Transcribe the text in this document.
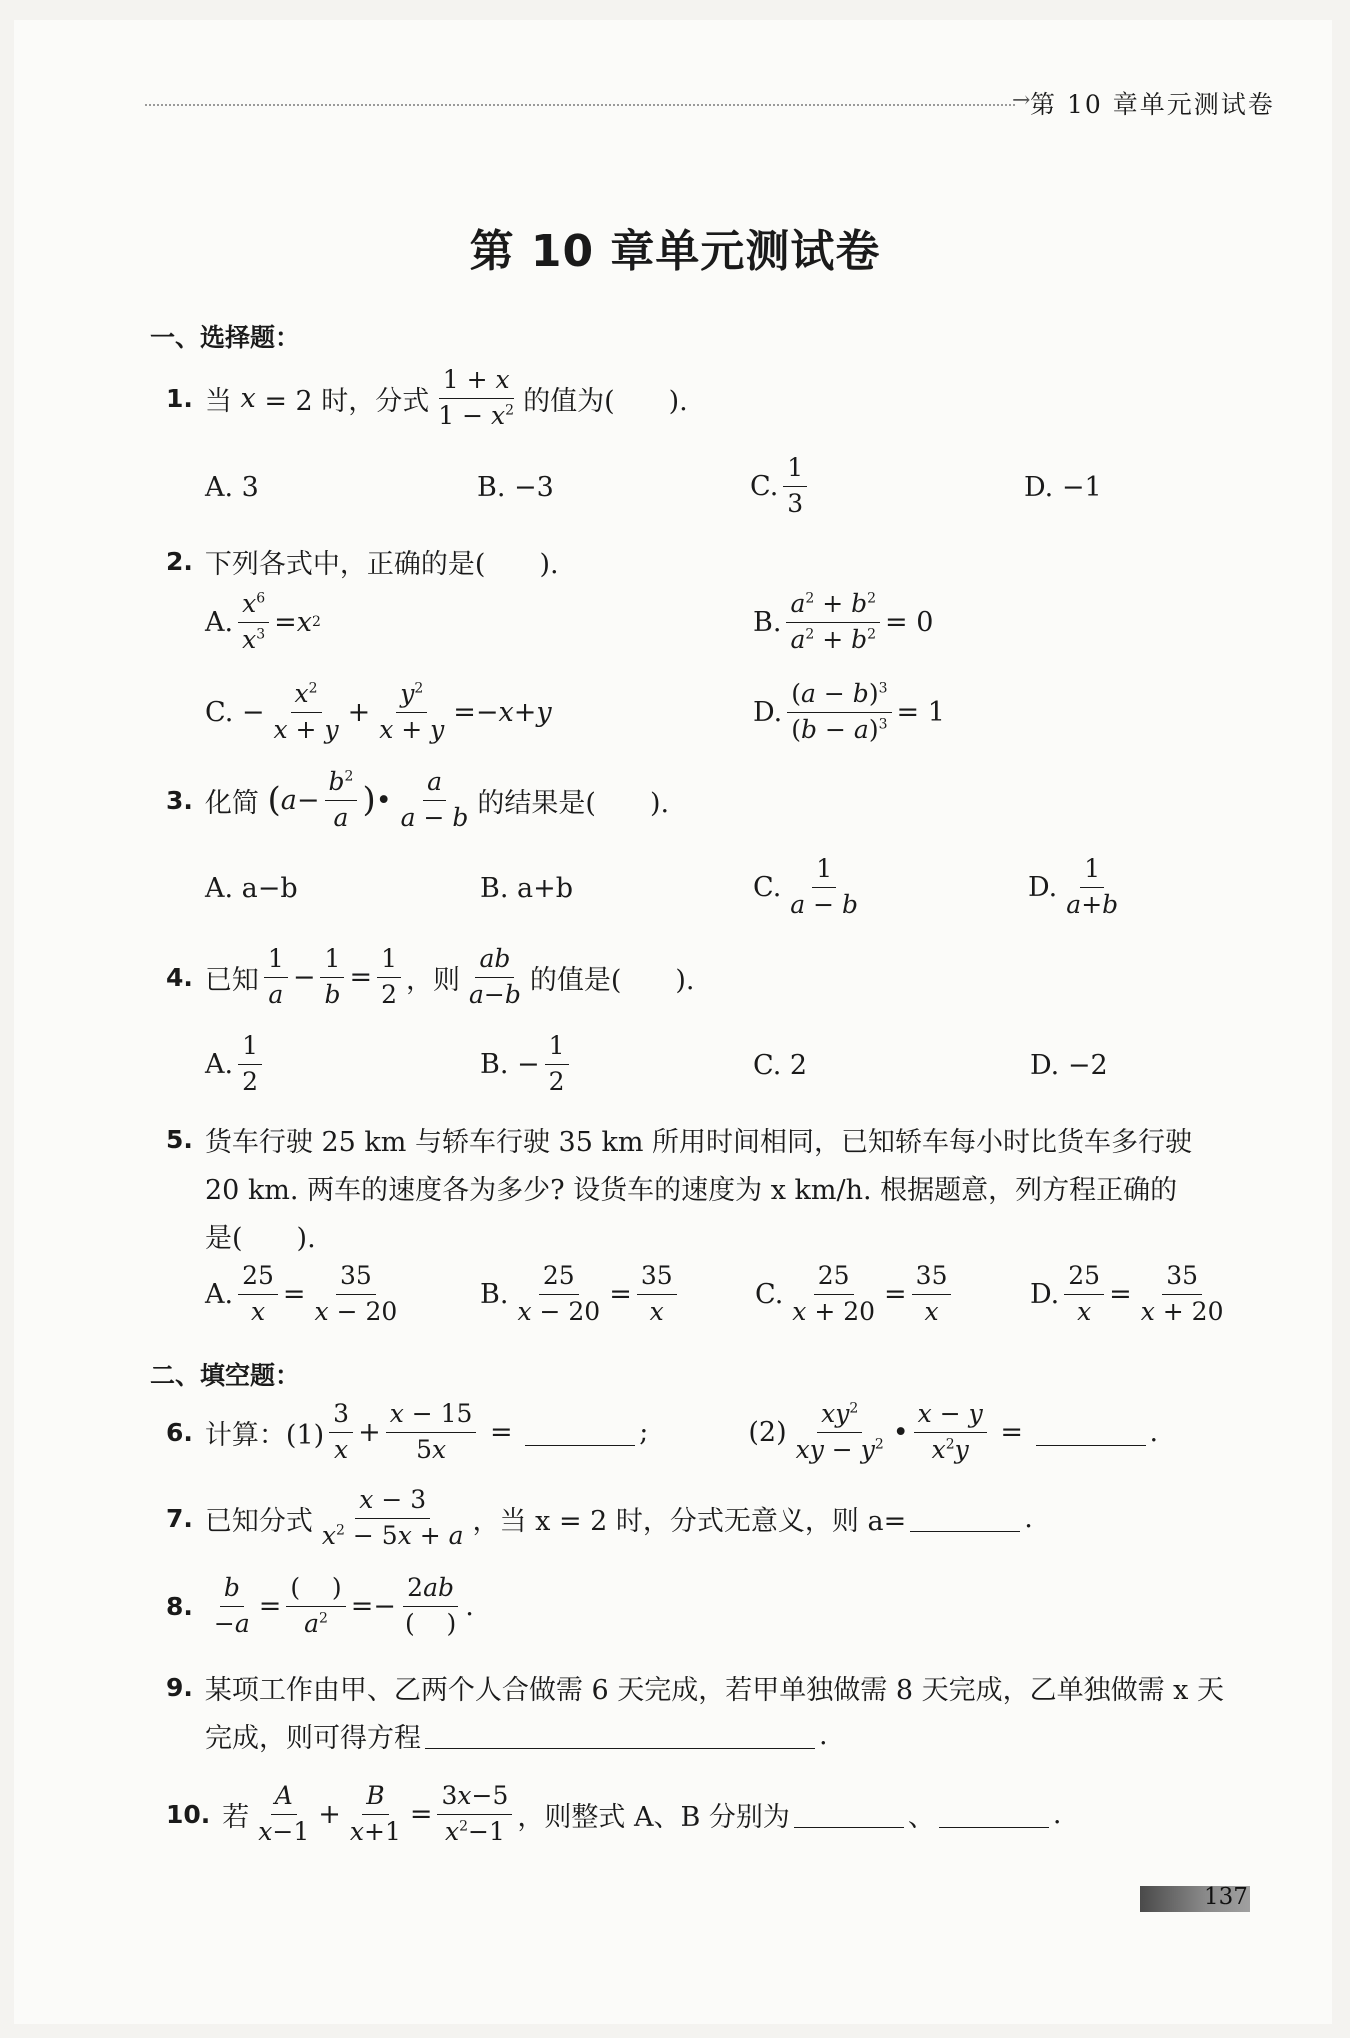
→ 第 10 章单元测试卷
第 10 章单元测试卷
一、选择题：
1. 当
x
= 2 时，分式 $\frac{1 + x}{1 - x^2}$ 的值为(　　).
A. 3	B. −3	C. $\frac{1}{3}$	D. −1
2. 下列各式中，正确的是(　　).
A. $\frac{x^6}{x^3} = x$ 2	B. $\frac{a^2 + b^2}{a^2 + b^2} = 0$
C. − $\frac{x^2}{x + y} + \frac{y^2}{x + y} =- x + y$	D. $\frac{(a - b)^3}{(b - a)^3} = 1$
3. 化简
( $a - \frac{b^2}{a}$ ) • $\frac{a}{a - b}$ 的结果是(　　).
A. a−b	B. a+b	C. $\frac{1}{a - b}$	D. $\frac{1}{a+b}$
4. 已知 $\frac{1}{a} - \frac{1}{b} = \frac{1}{2}$ ，则 $\frac{ab}{a-b}$ 的值是(　　).
A. $\frac{1}{2}$	B. − $\frac{1}{2}$	C. 2	D. −2
5. 货车行驶 25 km 与轿车行驶 35 km 所用时间相同，已知轿车每小时比货车多行驶
20 km. 两车的速度各为多少? 设货车的速度为 x km/h. 根据题意，列方程正确的
是(　　).
A. $\frac{25}{x} = \frac{35}{x - 20}$	B. $\frac{25}{x - 20} = \frac{35}{x}$	C. $\frac{25}{x + 20} = \frac{35}{x}$	D. $\frac{25}{x} = \frac{35}{x + 20}$
二、填空题：
6. 计算：$(1) \frac{3}{x} + \frac{x - 15}{5x}$ =	;	$(2) \frac{xy^2}{xy - y^2}$ • $\frac{x - y}{x^2y}$ =	.
7. 已知分式 $\frac{x - 3}{x^2 - 5x + a}$ ，当 x = 2 时，分式无意义，则 a=	.
8. $\frac{b}{-a} = \frac{( )}{a^2} =- \frac{2ab}{( )}$ .
9. 某项工作由甲、乙两个人合做需 6 天完成，若甲单独做需 8 天完成，乙单独做需 x 天
完成，则可得方程	.
10. 若 $\frac{A}{x-1} + \frac{B}{x+1} = \frac{3x-5}{x^2-1}$ ，则整式 A、B 分别为	、	.
137
